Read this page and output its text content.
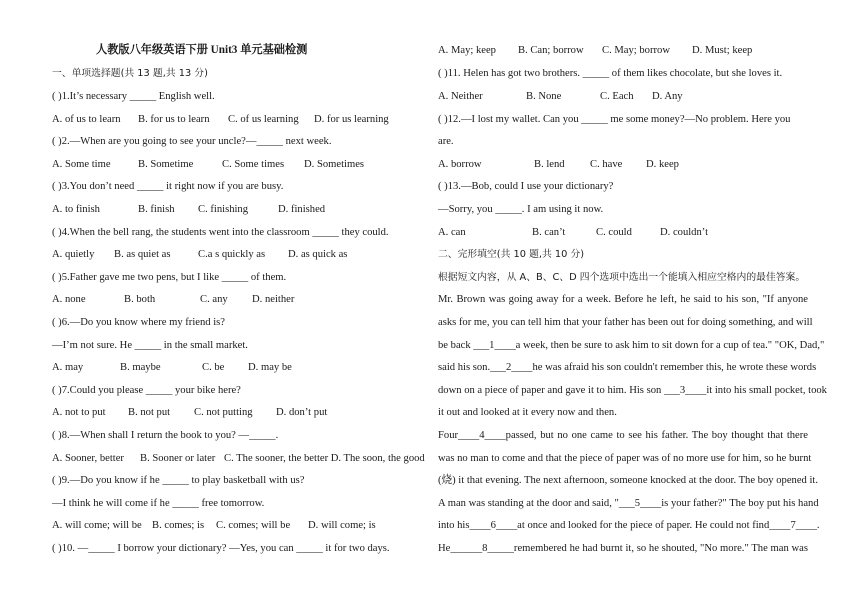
人教版八年级英语下册 Unit3 单元基础检测
一、单项选择题(共 13 题,共 13 分)
( )1.It’s necessary _____ English well.
A. of us to learn B. for us to learn C. of us learning D. for us learning
( )2.—When are you going to see your uncle?—_____ next week.
A. Some time	B. Sometime	C. Some times D. Sometimes
( )3.You don’t need _____ it right now if you are busy.
A. to finish	B. finish C. finishing	D. finished
( )4.When the bell rang, the students went into the classroom _____ they could.
A. quietly B. as quiet as	C.a s quickly as D. as quick as
( )5.Father gave me two pens, but I like _____ of them.
A. none	B. both	C. any D. neither
( )6.—Do you know where my friend is?
—I’m not sure. He _____ in the small market.
A. may	B. maybe	C. be D. may be
( )7.Could you please _____ your bike here?
A. not to put B. not put C. not putting D. don’t put
( )8.—When shall I return the book to you? —_____.
A. Sooner, better B. Sooner or later C. The sooner, the better D. The soon, the good
( )9.—Do you know if he _____ to play basketball with us?
—I think he will come if he _____ free tomorrow.
A. will come; will be B. comes; is C. comes; will be D. will come; is
( )10. —_____ I borrow your dictionary? —Yes, you can _____ it for two days.
A. May; keep B. Can; borrow C. May; borrow D. Must; keep
( )11. Helen has got two brothers. _____ of them likes chocolate, but she loves it.
A. Neither	B. None	C. Each D. Any
( )12.—I lost my wallet. Can you _____ me some money?—No problem. Here you
are.
A. borrow	B. lend C. have D. keep
( )13.—Bob, could I use your dictionary?
—Sorry, you _____. I am using it now.
A. can	B. can’t	C. could	D. couldn’t
二、完形填空(共 10 题,共 10 分)
根据短文内容，从 A、B、C、D 四个选项中选出一个能填入相应空格内的最佳答案。
Mr. Brown was going away for a week. Before he left, he said to his son, "If anyone
asks for me, you can tell him that your father has been out for doing something, and will
be back ___1____a week, then be sure to ask him to sit down for a cup of tea." "OK, Dad,"
said his son.___2____he was afraid his son couldn't remember this, he wrote these words
down on a piece of paper and gave it to him. His son ___3____it into his small pocket, took
it out and looked at it every now and then.
Four____4____passed, but no one came to see his father. The boy thought that there
was no man to come and that the piece of paper was of no more use for him, so he burnt
(烧) it that evening. The next afternoon, someone knocked at the door. The boy opened it.
A man was standing at the door and said, "___5____is your father?" The boy put his hand
into his____6____at once and looked for the piece of paper. He could not find____7____.
He______8_____remembered he had burnt it, so he shouted, "No more." The man was
